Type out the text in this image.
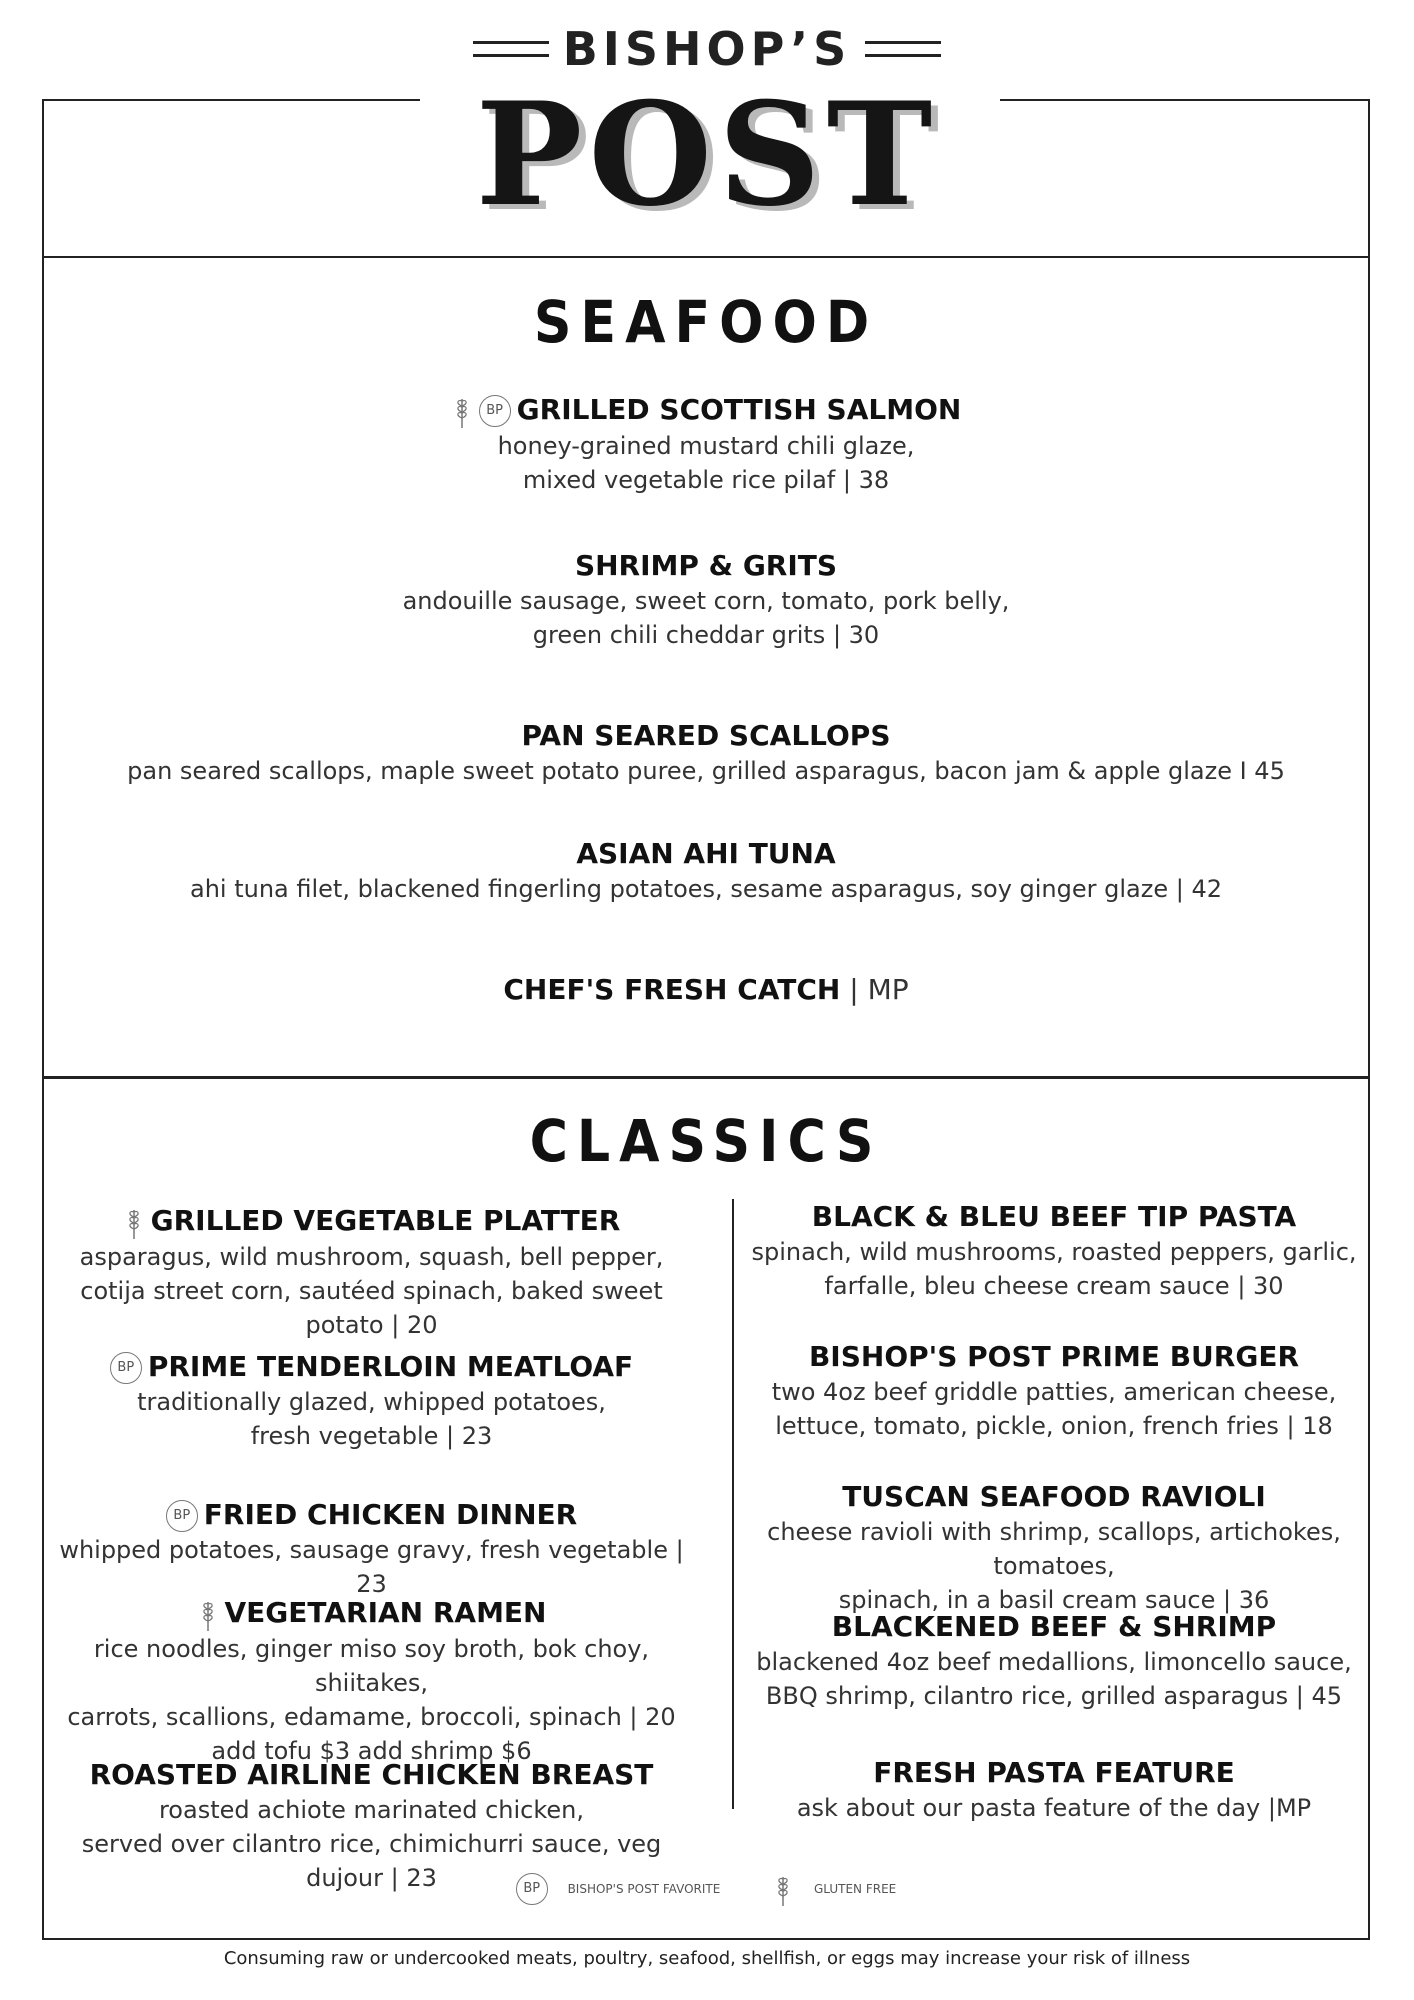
BISHOP’S
POST
SEAFOOD
BP GRILLED SCOTTISH SALMON
honey-grained mustard chili glaze,
mixed vegetable rice pilaf | 38
SHRIMP & GRITS
andouille sausage, sweet corn, tomato, pork belly,
green chili cheddar grits | 30
PAN SEARED SCALLOPS
pan seared scallops, maple sweet potato puree, grilled asparagus, bacon jam & apple glaze I 45
ASIAN AHI TUNA
ahi tuna filet, blackened fingerling potatoes, sesame asparagus, soy ginger glaze | 42
CHEF'S FRESH CATCH | MP
CLASSICS
GRILLED VEGETABLE PLATTER
asparagus, wild mushroom, squash, bell pepper,
cotija street corn, sautéed spinach, baked sweet potato | 20
BP PRIME TENDERLOIN MEATLOAF
traditionally glazed, whipped potatoes,
fresh vegetable | 23
BP FRIED CHICKEN DINNER
whipped potatoes, sausage gravy, fresh vegetable | 23
VEGETARIAN RAMEN
rice noodles, ginger miso soy broth, bok choy, shiitakes,
carrots, scallions, edamame, broccoli, spinach | 20
add tofu $3 add shrimp $6
ROASTED AIRLINE CHICKEN BREAST
roasted achiote marinated chicken,
served over cilantro rice, chimichurri sauce, veg dujour | 23
BLACK & BLEU BEEF TIP PASTA
spinach, wild mushrooms, roasted peppers, garlic,
farfalle, bleu cheese cream sauce | 30
BISHOP'S POST PRIME BURGER
two 4oz beef griddle patties, american cheese,
lettuce, tomato, pickle, onion, french fries | 18
TUSCAN SEAFOOD RAVIOLI
cheese ravioli with shrimp, scallops, artichokes, tomatoes,
spinach, in a basil cream sauce | 36
BLACKENED BEEF & SHRIMP
blackened 4oz beef medallions, limoncello sauce,
BBQ shrimp, cilantro rice, grilled asparagus | 45
FRESH PASTA FEATURE
ask about our pasta feature of the day |MP
BP BISHOP'S POST FAVORITE	GLUTEN FREE
Consuming raw or undercooked meats, poultry, seafood, shellfish, or eggs may increase your risk of illness
